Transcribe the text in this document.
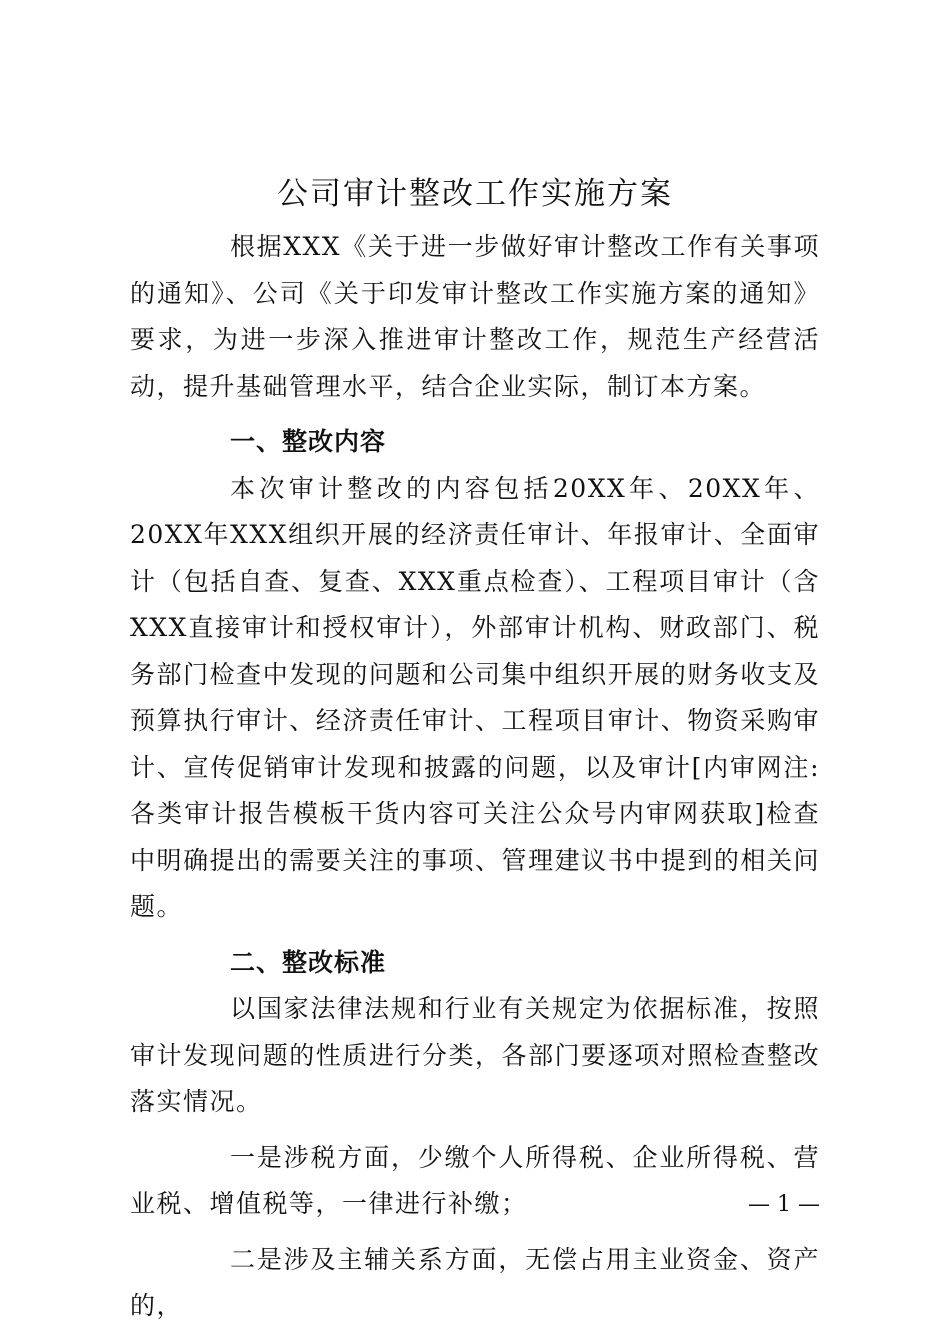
公司审计整改工作实施方案

根据XXX《关于进一步做好审计整改工作有关事项的通知》、公司《关于印发审计整改工作实施方案的通知》要求，为进一步深入推进审计整改工作，规范生产经营活动，提升基础管理水平，结合企业实际，制订本方案。

一、整改内容

本次审计整改的内容包括20XX年、20XX年、20XX年XXX组织开展的经济责任审计、年报审计、全面审计（包括自查、复查、XXX重点检查）、工程项目审计（含XXX直接审计和授权审计），外部审计机构、财政部门、税务部门检查中发现的问题和公司集中组织开展的财务收支及预算执行审计、经济责任审计、工程项目审计、物资采购审计、宣传促销审计发现和披露的问题，以及审计[内审网注:各类审计报告模板干货内容可关注公众号内审网获取]检查中明确提出的需要关注的事项、管理建议书中提到的相关问题。

二、整改标准

以国家法律法规和行业有关规定为依据标准，按照审计发现问题的性质进行分类，各部门要逐项对照检查整改落实情况。

一是涉税方面，少缴个人所得税、企业所得税、营业税、增值税等，一律进行补缴；

二是涉及主辅关系方面，无偿占用主业资金、资产的，

— 1 —
